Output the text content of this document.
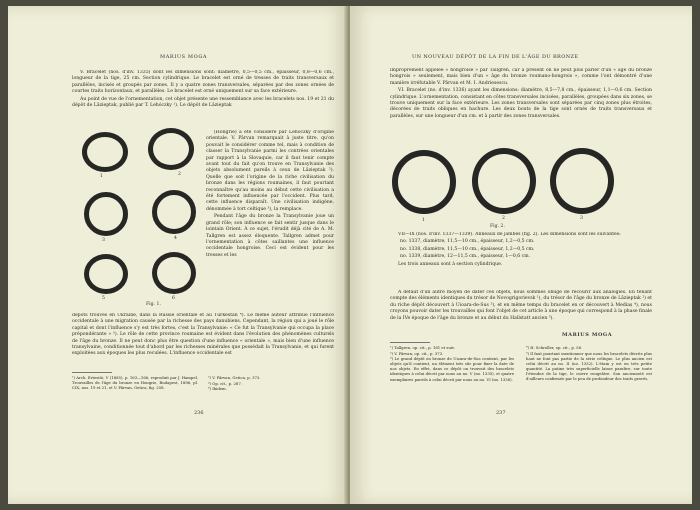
MARIUS MOGA

V. Bracelet (nos. d'inv. 1335) dont les dimensions sont: diamètre, 0,5—0,5 cm., épaisseur, 0,8—0,6 cm., longueur de la tige, 25 cm. Section cylindrique. Le bracelet est orné de tresses de traits transversaux et parallèles, incisés et groupés par zones. Il y a quatre zones transversales, séparées par des zones ornées de courtes traits horizontaux, et parallèles. Le bracelet est orné uniquement sur sa face extérieure.

Au point de vue de l'ornementation, cet objet présente une ressemblance avec les bracelets nos. 19 et 21 du dépôt de Lăzieptak, publié par T. Lehóczky ¹). Le dépôt de Lăzieptak

1	2
3	4
5	6
Fig. 1.

(Hongrie) a été considéré par Lehóczky d'origine orientale. V. Pârvan remarquait à juste titre, qu'on pouvait le considérer comme tel, mais à condition de classer la Transylvanie parmi les contrées orientales par rapport à la Slovaquie, car il faut tenir compte avant tout du fait qu'on trouve en Transylvanie des objets absolument pareils à ceux de Lăzieptak ²). Quelle que soit l'origine de la riche civilisation du bronze dans les régions roumaines, il faut pourtant reconnaître qu'au moins au début cette civilisation a été fortement influencée par l'occident. Plus tard, cette influence disparaît. Une civilisation indigène, dénommée à tort celtique ³), la remplace.

Pendant l'âge du bronze la Transylvanie joue un grand rôle; son influence se fait sentir jusque dans le lointain Orient. À ce sujet, l'érudit déjà cité de A. M. Tallgren est assez éloquente. Tallgren admet pour l'ornementation à côtes saillantes une influence occidentale hongroise. Ceci est évident pour les tresses et les

dépôts trouvés en Ukraine, dans la Russie orientale et au Turkestan ⁴). Le même auteur attribue l'influence occidentale à une migration causée par la richesse des pays danubiens. Cependant, la région qui a joué le rôle capital et dont l'influence s'y est très fortes, c'est la Transylvanie: « Ce fut la Transylvanie qui occupa la place prépondérante » ⁵). Le rôle de cette province roumaine est évident dans l'évolution des phénomènes culturels de l'âge du bronze. Il ne peut donc plus être question d'une influence « orientale », mais bien d'une influence transylvaine, conditionnée tout d'abord par les richesses minérales que possédait la Transylvanie, et qui furent exploitées aux époques les plus reculées. L'influence occidentale est

¹) Arch. Ertesitö, V (1885), p. 163—166, reproduit par J. Hampel, Trouvailles de l'âge du bronze en Hongrie, Budapest, 1886, pl. CIX, nos. 19 et 21, et V. Pârvan, Getica, fig. 258.

²) V. Pârvan, Getica, p. 373.

³) Op. cit., p. 287.

⁴) Ibidem.

236
UN NOUVEAU DÉPÔT DE LA FIN DE L'ÂGE DU BRONZE

improprement appelée « hongroise » par Tallgren, car à présent on ne peut plus parler d'un « âge du bronze hongrois » seulement, mais bien d'un « âge du bronze roumano-hongrois », comme l'ont démontré d'une manière irréfutable V. Pârvan et M. I. Andriesescu.

VI. Bracelet (no. d'inv. 1336) ayant les dimensions: diamètre, 8,5—7,8 cm., épaisseur, 1,1—0,6 cm. Section cylindrique. L'ornementation, consistant en côtes transversales incisées, parallèles, groupées dans six zones, se trouve uniquement sur la face extérieure. Les zones transversales sont séparées par cinq zones plus étroites, décorées de traits obliques en hachure. Les deux bouts de la tige sont ornés de traits transversaux et parallèles, sur une longueur d'un cm. et à partir des zones transversales.

1	2	3
Fig. 2.

VII—IX (nos. d'inv. 1337—1339). Anneaux de jambes (fig. 2). Les dimensions sont les suivantes:

no. 1337, diamètre, 11,5—10 cm., épaisseur, 1,2—0,5 cm.

no. 1338, diamètre, 11,5—10 cm., épaisseur, 1,2—0,5 cm.

no. 1339, diamètre, 12—11,5 cm., épaisseur, 1—0,6 cm.

Les trois anneaux sont à section cylindrique.

À défaut d'un autre moyen de dater ces objets, nous sommes obligé de recourir aux analogies. En tenant compte des éléments identiques du trésor de Novogrigorievsk ¹), du trésor de l'âge du bronze de Lăzieptak ²) et du riche dépôt découvert à Uioara-de-Sus ³), et en même temps du bracelet en or découvert à Mediaș ⁴), nous croyons pouvoir dater les trouvailles qui font l'objet de cet article à une époque qui correspond à la phase finale de la IVe époque de l'âge du bronze et au début du Hallstatt ancien ⁵).

MARIUS MOGA

¹) Tallgren, op. cit., p. 161 et suiv.

²) V. Pârvan, op. cit., p. 373.

³) Le grand dépôt en bronze de Uioara-de-Sus contient, par les objets qu'il contient, un élément très sûr pour fixer la date de nos objets. En effet, dans ce dépôt on trouvait des bracelets identiques à celui décrit par nous au no. V (no. 1335), et quatre exemplaires pareils à celui décrit par nous au no. VI (no. 1336).

⁴) H. Schroller, op. cit., p. 56.

⁵) Il faut pourtant mentionner que nous les bracelets décrits plus haut ne font pas partie de la série celtique. Le plus ancien est celui décrit au no. II (no. 1332). L'étain y est en très petite quantité. La patine très superficielle laisse paraître, sur toute l'étendue de la tige, le cuivre rougeâtre. Son ancienneté est d'ailleurs confirmée par le peu de profondeur des traits gravés.

237
